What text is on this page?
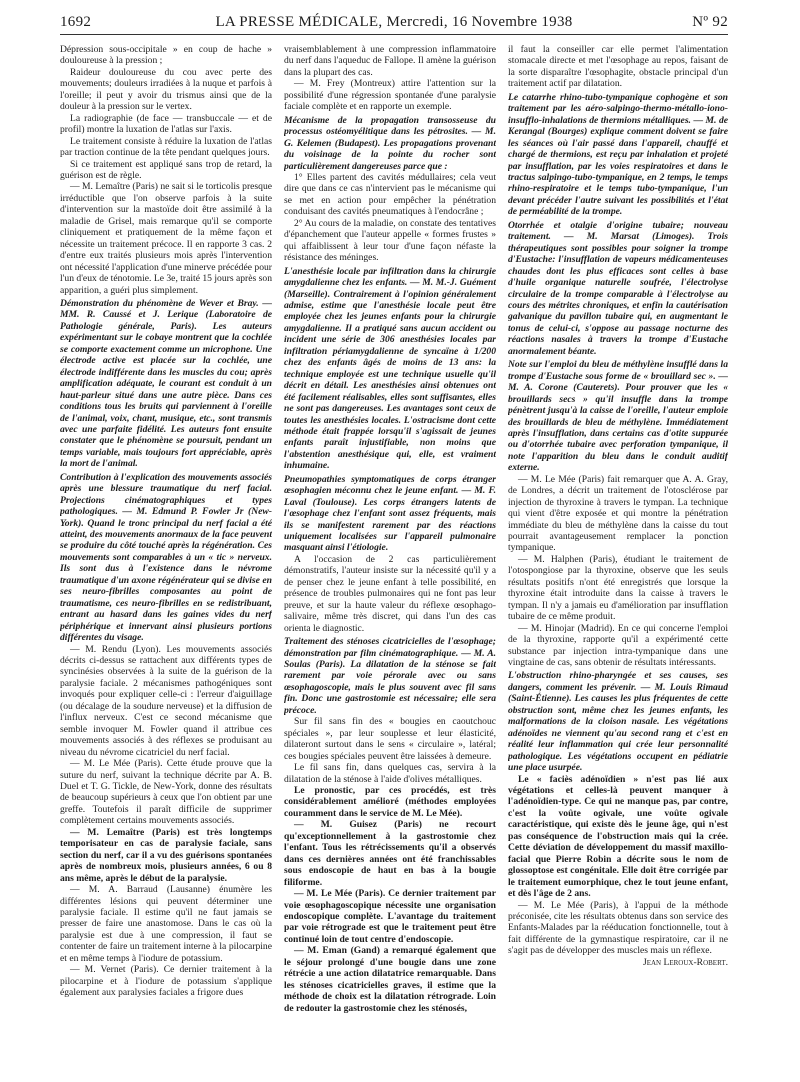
1692	LA PRESSE MÉDICALE, Mercredi, 16 Novembre 1938	Nº 92

Dépression sous-occipitale » en coup de hache » douloureuse à la pression ;

Raideur douloureuse du cou avec perte des mouvements; douleurs irradiées à la nuque et parfois à l'oreille; il peut y avoir du trismus ainsi que de la douleur à la pression sur le vertex.

La radiographie (de face — transbuccale — et de profil) montre la luxation de l'atlas sur l'axis.

Le traitement consiste à réduire la luxation de l'atlas par traction continue de la tête pendant quelques jours.

Si ce traitement est appliqué sans trop de retard, la guérison est de règle.

— M. Lemaître (Paris) ne sait si le torticolis presque irréductible que l'on observe parfois à la suite d'intervention sur la mastoïde doit être assimilé à la maladie de Grisel, mais remarque qu'il se comporte cliniquement et pratiquement de la même façon et nécessite un traitement précoce. Il en rapporte 3 cas. 2 d'entre eux traités plusieurs mois après l'intervention ont nécessité l'application d'une minerve précédée pour l'un d'eux de ténotomie. Le 3e, traité 15 jours après son apparition, a guéri plus simplement.

Démonstration du phénomène de Wever et Bray. — MM. R. Caussé et J. Lerique (Laboratoire de Pathologie générale, Paris). Les auteurs expérimentant sur le cobaye montrent que la cochlée se comporte exactement comme un microphone. Une électrode active est placée sur la cochlée, une électrode indifférente dans les muscles du cou; après amplification adéquate, le courant est conduit à un haut-parleur situé dans une autre pièce. Dans ces conditions tous les bruits qui parviennent à l'oreille de l'animal, voix, chant, musique, etc., sont transmis avec une parfaite fidélité. Les auteurs font ensuite constater que le phénomène se poursuit, pendant un temps variable, mais toujours fort appréciable, après la mort de l'animal.

Contribution à l'explication des mouvements associés après une blessure traumatique du nerf facial. Projections cinématographiques et types pathologiques. — M. Edmund P. Fowler Jr (New-York). Quand le tronc principal du nerf facial a été atteint, des mouvements anormaux de la face peuvent se produire du côté touché après la régénération. Ces mouvements sont comparables à un « tic » nerveux. Ils sont dus à l'existence dans le névrome traumatique d'un axone régénérateur qui se divise en ses neuro-fibrilles composantes au point de traumatisme, ces neuro-fibrilles en se redistribuant, entrant au hasard dans les gaines vides du nerf périphérique et innervant ainsi plusieurs portions différentes du visage.

— M. Rendu (Lyon). Les mouvements associés décrits ci-dessus se rattachent aux différents types de syncinésies observées à la suite de la guérison de la paralysie faciale. 2 mécanismes pathogéniques sont invoqués pour expliquer celle-ci : l'erreur d'aiguillage (ou décalage de la soudure nerveuse) et la diffusion de l'influx nerveux. C'est ce second mécanisme que semble invoquer M. Fowler quand il attribue ces mouvements associés à des réflexes se produisant au niveau du névrome cicatriciel du nerf facial.

— M. Le Mée (Paris). Cette étude prouve que la suture du nerf, suivant la technique décrite par A. B. Duel et T. G. Tickle, de New-York, donne des résultats de beaucoup supérieurs à ceux que l'on obtient par une greffe. Toutefois il paraît difficile de supprimer complètement certains mouvements associés.

— M. Lemaître (Paris) est très longtemps temporisateur en cas de paralysie faciale, sans section du nerf, car il a vu des guérisons spontanées après de nombreux mois, plusieurs années, 6 ou 8 ans même, après le début de la paralysie.

— M. A. Barraud (Lausanne) énumère les différentes lésions qui peuvent déterminer une paralysie faciale. Il estime qu'il ne faut jamais se presser de faire une anastomose. Dans le cas où la paralysie est due à une compression, il faut se contenter de faire un traitement interne à la pilocarpine et en même temps à l'iodure de potassium.

— M. Vernet (Paris). Ce dernier traitement à la pilocarpine et à l'iodure de potassium s'applique également aux paralysies faciales a frigore dues

vraisemblablement à une compression inflammatoire du nerf dans l'aqueduc de Fallope. Il amène la guérison dans la plupart des cas.

— M. Frey (Montreux) attire l'attention sur la possibilité d'une régression spontanée d'une paralysie faciale complète et en rapporte un exemple.

Mécanisme de la propagation transosseuse du processus ostéomyélitique dans les pétrosites. — M. G. Kelemen (Budapest). Les propagations provenant du voisinage de la pointe du rocher sont particulièrement dangereuses parce que :

1° Elles partent des cavités médullaires; cela veut dire que dans ce cas n'intervient pas le mécanisme qui se met en action pour empêcher la pénétration conduisant des cavités pneumatiques à l'endocrâne ;

2° Au cours de la maladie, on constate des tentatives d'épanchement que l'auteur appelle « formes frustes » qui affaiblissent à leur tour d'une façon néfaste la résistance des méninges.

L'anesthésie locale par infiltration dans la chirurgie amygdalienne chez les enfants. — M. M.-J. Guément (Marseille). Contrairement à l'opinion généralement admise, estime que l'anesthésie locale peut être employée chez les jeunes enfants pour la chirurgie amygdalienne. Il a pratiqué sans aucun accident ou incident une série de 306 anesthésies locales par infiltration périamygdalienne de syncaïne à 1/200 chez des enfants âgés de moins de 13 ans: la technique employée est une technique usuelle qu'il décrit en détail. Les anesthésies ainsi obtenues ont été facilement réalisables, elles sont suffisantes, elles ne sont pas dangereuses. Les avantages sont ceux de toutes les anesthésies locales. L'ostracisme dont cette méthode était frappée lorsqu'il s'agissait de jeunes enfants paraît injustifiable, non moins que l'abstention anesthésique qui, elle, est vraiment inhumaine.

Pneumopathies symptomatiques de corps étranger œsophagien méconnu chez le jeune enfant. — M. F. Laval (Toulouse). Les corps étrangers latents de l'œsophage chez l'enfant sont assez fréquents, mais ils se manifestent rarement par des réactions uniquement localisées sur l'appareil pulmonaire masquant ainsi l'étiologie.

A l'occasion de 2 cas particulièrement démonstratifs, l'auteur insiste sur la nécessité qu'il y a de penser chez le jeune enfant à telle possibilité, en présence de troubles pulmonaires qui ne font pas leur preuve, et sur la haute valeur du réflexe œsophago-salivaire, même très discret, qui dans l'un des cas orienta le diagnostic.

Traitement des sténoses cicatricielles de l'œsophage; démonstration par film cinématographique. — M. A. Soulas (Paris). La dilatation de la sténose se fait rarement par voie pérorale avec ou sans œsophagoscopie, mais le plus souvent avec fil sans fin. Donc une gastrostomie est nécessaire; elle sera précoce.

Sur fil sans fin des « bougies en caoutchouc spéciales », par leur souplesse et leur élasticité, dilateront surtout dans le sens « circulaire », latéral; ces bougies spéciales peuvent être laissées à demeure.

Le fil sans fin, dans quelques cas, servira à la dilatation de la sténose à l'aide d'olives métalliques.

Le pronostic, par ces procédés, est très considérablement amélioré (méthodes employées couramment dans le service de M. Le Mée).

— M. Guisez (Paris) ne recourt qu'exceptionnellement à la gastrostomie chez l'enfant. Tous les rétrécissements qu'il a observés dans ces dernières années ont été franchissables sous endoscopie de haut en bas à la bougie filiforme.

— M. Le Mée (Paris). Ce dernier traitement par voie œsophagoscopique nécessite une organisation endoscopique complète. L'avantage du traitement par voie rétrograde est que le traitement peut être continué loin de tout centre d'endoscopie.

— M. Eman (Gand) a remarqué également que le séjour prolongé d'une bougie dans une zone rétrécie a une action dilatatrice remarquable. Dans les sténoses cicatricielles graves, il estime que la méthode de choix est la dilatation rétrograde. Loin de redouter la gastrostomie chez les sténosés,

il faut la conseiller car elle permet l'alimentation stomacale directe et met l'œsophage au repos, faisant de la sorte disparaître l'œsophagite, obstacle principal d'un traitement actif par dilatation.

Le catarrhe rhino-tubo-tympanique cophogène et son traitement par les aéro-salpingo-thermo-métallo-iono-insufflo-inhalations de thermions métalliques. — M. de Kerangal (Bourges) explique comment doivent se faire les séances où l'air passé dans l'appareil, chauffé et chargé de thermions, est reçu par inhalation et projeté par insufflation, par les voies respiratoires et dans le tractus salpingo-tubo-tympanique, en 2 temps, le temps rhino-respiratoire et le temps tubo-tympanique, l'un devant précéder l'autre suivant les possibilités et l'état de perméabilité de la trompe.

Otorrhée et otalgie d'origine tubaire; nouveau traitement. — M. Marsat (Limoges). Trois thérapeutiques sont possibles pour soigner la trompe d'Eustache: l'insufflation de vapeurs médicamenteuses chaudes dont les plus efficaces sont celles à base d'huile organique naturelle soufrée, l'électrolyse circulaire de la trompe comparable à l'électrolyse au cours des métrites chroniques, et enfin la cautérisation galvanique du pavillon tubaire qui, en augmentant le tonus de celui-ci, s'oppose au passage nocturne des réactions nasales à travers la trompe d'Eustache anormalement béante.

Note sur l'emploi du bleu de méthylène insufflé dans la trompe d'Eustache sous forme de « brouillard sec ». — M. A. Corone (Cauterets). Pour prouver que les « brouillards secs » qu'il insuffle dans la trompe pénètrent jusqu'à la caisse de l'oreille, l'auteur emploie des brouillards de bleu de méthylène. Immédiatement après l'insufflation, dans certains cas d'otite suppurée ou d'otorrhée tubaire avec perforation tympanique, il note l'apparition du bleu dans le conduit auditif externe.

— M. Le Mée (Paris) fait remarquer que A. A. Gray, de Londres, a décrit un traitement de l'otosclérose par injection de thyroxine à travers le tympan. La technique qui vient d'être exposée et qui montre la pénétration immédiate du bleu de méthylène dans la caisse du tout pourrait avantageusement remplacer la ponction tympanique.

— M. Halphen (Paris), étudiant le traitement de l'otospongiose par la thyroxine, observe que les seuls résultats positifs n'ont été enregistrés que lorsque la thyroxine était introduite dans la caisse à travers le tympan. Il n'y a jamais eu d'amélioration par insufflation tubaire de ce même produit.

— M. Hinojar (Madrid). En ce qui concerne l'emploi de la thyroxine, rapporte qu'il a expérimenté cette substance par injection intra-tympanique dans une vingtaine de cas, sans obtenir de résultats intéressants.

L'obstruction rhino-pharyngée et ses causes, ses dangers, comment les prévenir. — M. Louis Rimaud (Saint-Étienne). Les causes les plus fréquentes de cette obstruction sont, même chez les jeunes enfants, les malformations de la cloison nasale. Les végétations adénoïdes ne viennent qu'au second rang et c'est en réalité leur inflammation qui crée leur personnalité pathologique. Les végétations occupent en pédiatrie une place usurpée.

Le « faciès adénoïdien » n'est pas lié aux végétations et celles-là peuvent manquer à l'adénoïdien-type. Ce qui ne manque pas, par contre, c'est la voûte ogivale, une voûte ogivale caractéristique, qui existe dès le jeune âge, qui n'est pas conséquence de l'obstruction mais qui la crée. Cette déviation de développement du massif maxillo-facial que Pierre Robin a décrite sous le nom de glossoptose est congénitale. Elle doit être corrigée par le traitement eumorphique, chez le tout jeune enfant, et dès l'âge de 2 ans.

— M. Le Mée (Paris), à l'appui de la méthode préconisée, cite les résultats obtenus dans son service des Enfants-Malades par la rééducation fonctionnelle, tout à fait différente de la gymnastique respiratoire, car il ne s'agit pas de développer des muscles mais un réflexe.

Jean Leroux-Robert.
